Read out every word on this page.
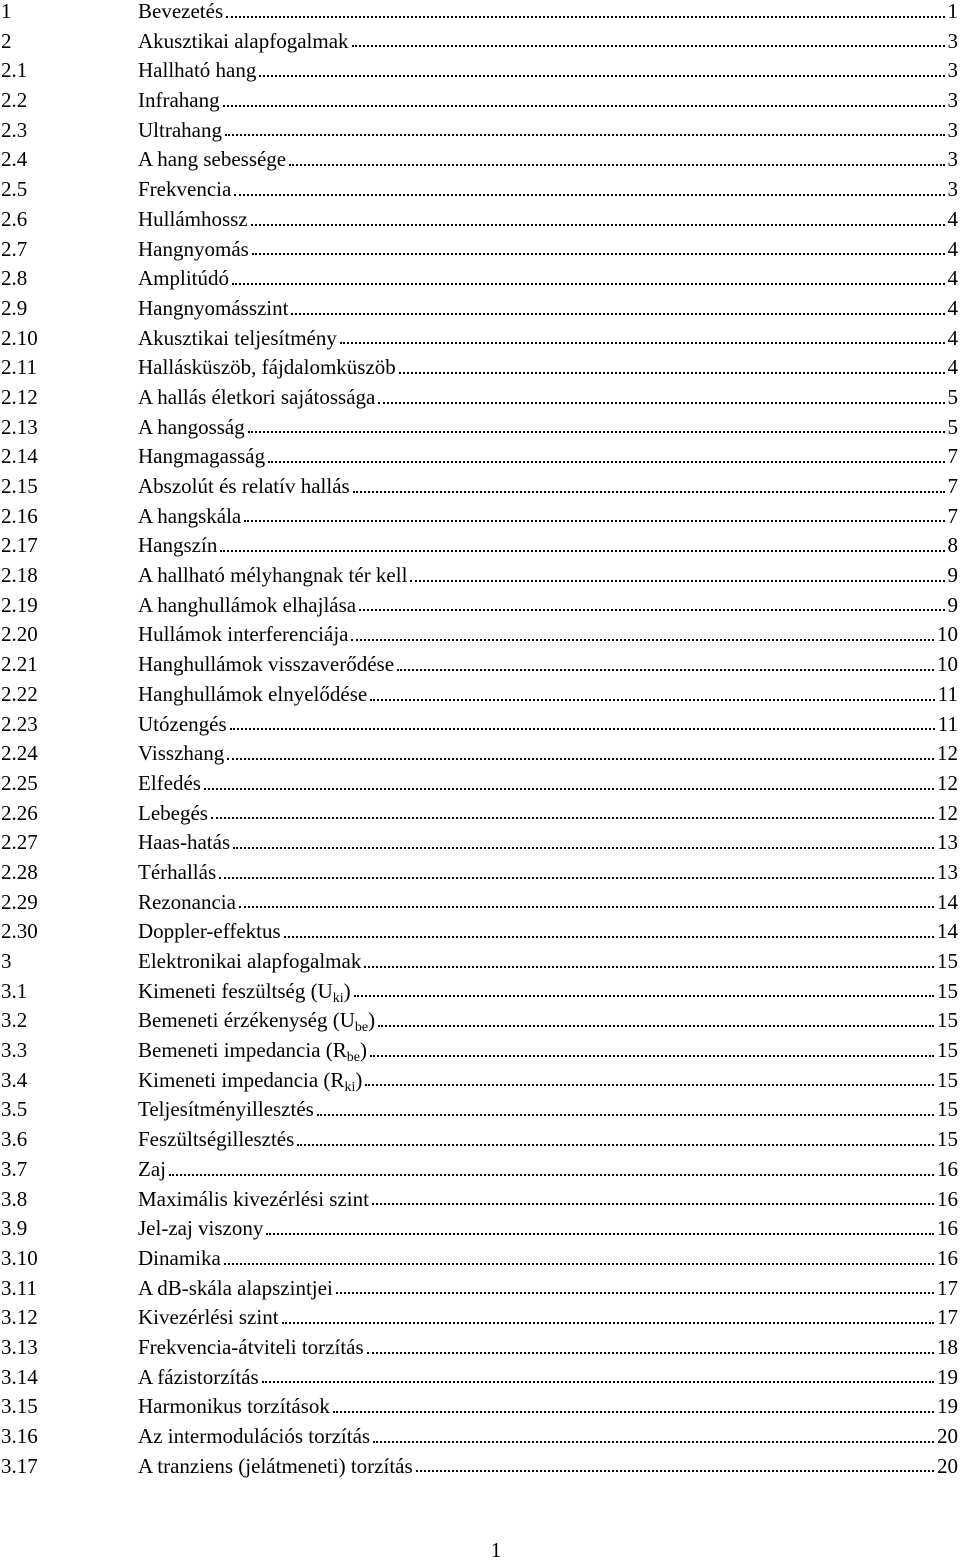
1	Bevezetés	1
2	Akusztikai alapfogalmak	3
2.1	Hallható hang	3
2.2	Infrahang	3
2.3	Ultrahang	3
2.4	A hang sebessége	3
2.5	Frekvencia	3
2.6	Hullámhossz	4
2.7	Hangnyomás	4
2.8	Amplitúdó	4
2.9	Hangnyomásszint	4
2.10	Akusztikai teljesítmény	4
2.11	Hallásküszöb, fájdalomküszöb	4
2.12	A hallás életkori sajátossága	5
2.13	A hangosság	5
2.14	Hangmagasság	7
2.15	Abszolút és relatív hallás	7
2.16	A hangskála	7
2.17	Hangszín	8
2.18	A hallható mélyhangnak tér kell	9
2.19	A hanghullámok elhajlása	9
2.20	Hullámok interferenciája	10
2.21	Hanghullámok visszaverődése	10
2.22	Hanghullámok elnyelődése	11
2.23	Utózengés	11
2.24	Visszhang	12
2.25	Elfedés	12
2.26	Lebegés	12
2.27	Haas-hatás	13
2.28	Térhallás	13
2.29	Rezonancia	14
2.30	Doppler-effektus	14
3	Elektronikai alapfogalmak	15
3.1	Kimeneti feszültség $(U_{ki})$	15
3.2	Bemeneti érzékenység $(U_{be})$	15
3.3	Bemeneti impedancia $(R_{be})$	15
3.4	Kimeneti impedancia $(R_{ki})$	15
3.5	Teljesítményillesztés	15
3.6	Feszültségillesztés	15
3.7	Zaj	16
3.8	Maximális kivezérlési szint	16
3.9	Jel-zaj viszony	16
3.10	Dinamika	16
3.11	A dB-skála alapszintjei	17
3.12	Kivezérlési szint	17
3.13	Frekvencia-átviteli torzítás	18
3.14	A fázistorzítás	19
3.15	Harmonikus torzítások	19
3.16	Az intermodulációs torzítás	20
3.17	A tranziens (jelátmeneti) torzítás	20
1
